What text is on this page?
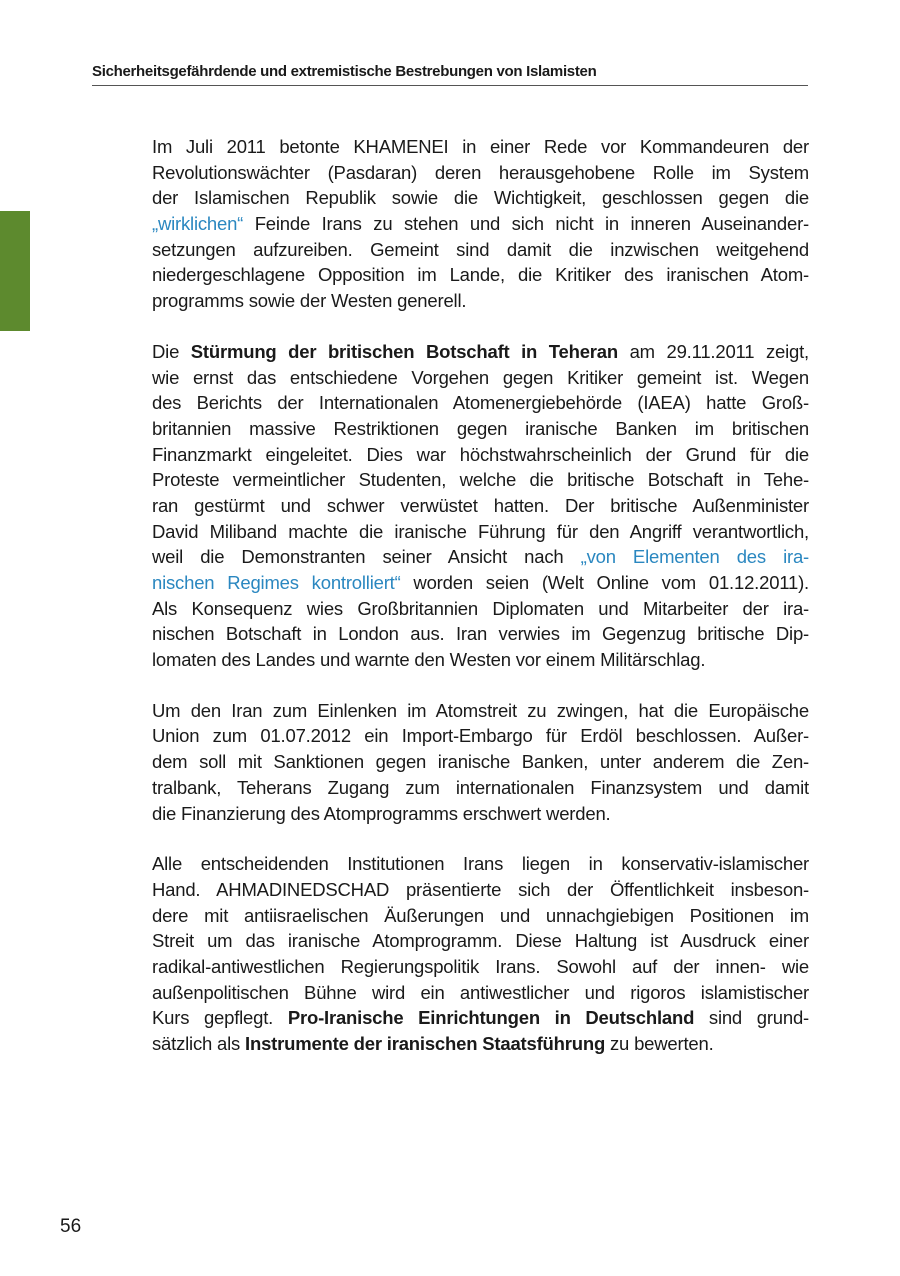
Sicherheitsgefährdende und extremistische Bestrebungen von Islamisten
Im Juli 2011 betonte KHAMENEI in einer Rede vor Kommandeuren der
Revolutionswächter (Pasdaran) deren herausgehobene Rolle im System
der Islamischen Republik sowie die Wichtigkeit, geschlossen gegen die
„wirklichen“ Feinde Irans zu stehen und sich nicht in inneren Auseinander-
setzungen aufzureiben. Gemeint sind damit die inzwischen weitgehend
niedergeschlagene Opposition im Lande, die Kritiker des iranischen Atom-
programms sowie der Westen generell.
Die Stürmung der britischen Botschaft in Teheran am 29.11.2011 zeigt,
wie ernst das entschiedene Vorgehen gegen Kritiker gemeint ist. Wegen
des Berichts der Internationalen Atomenergiebehörde (IAEA) hatte Groß-
britannien massive Restriktionen gegen iranische Banken im britischen
Finanzmarkt eingeleitet. Dies war höchstwahrscheinlich der Grund für die
Proteste vermeintlicher Studenten, welche die britische Botschaft in Tehe-
ran gestürmt und schwer verwüstet hatten. Der britische Außenminister
David Miliband machte die iranische Führung für den Angriff verantwortlich,
weil die Demonstranten seiner Ansicht nach „von Elementen des ira-
nischen Regimes kontrolliert“ worden seien (Welt Online vom 01.12.2011).
Als Konsequenz wies Großbritannien Diplomaten und Mitarbeiter der ira-
nischen Botschaft in London aus. Iran verwies im Gegenzug britische Dip-
lomaten des Landes und warnte den Westen vor einem Militärschlag.
Um den Iran zum Einlenken im Atomstreit zu zwingen, hat die Europäische
Union zum 01.07.2012 ein Import-Embargo für Erdöl beschlossen. Außer-
dem soll mit Sanktionen gegen iranische Banken, unter anderem die Zen-
tralbank, Teherans Zugang zum internationalen Finanzsystem und damit
die Finanzierung des Atomprogramms erschwert werden.
Alle entscheidenden Institutionen Irans liegen in konservativ-islamischer
Hand. AHMADINEDSCHAD präsentierte sich der Öffentlichkeit insbeson-
dere mit antiisraelischen Äußerungen und unnachgiebigen Positionen im
Streit um das iranische Atomprogramm. Diese Haltung ist Ausdruck einer
radikal-antiwestlichen Regierungspolitik Irans. Sowohl auf der innen- wie
außenpolitischen Bühne wird ein antiwestlicher und rigoros islamistischer
Kurs gepflegt. Pro-Iranische Einrichtungen in Deutschland sind grund-
sätzlich als Instrumente der iranischen Staatsführung zu bewerten.
56
